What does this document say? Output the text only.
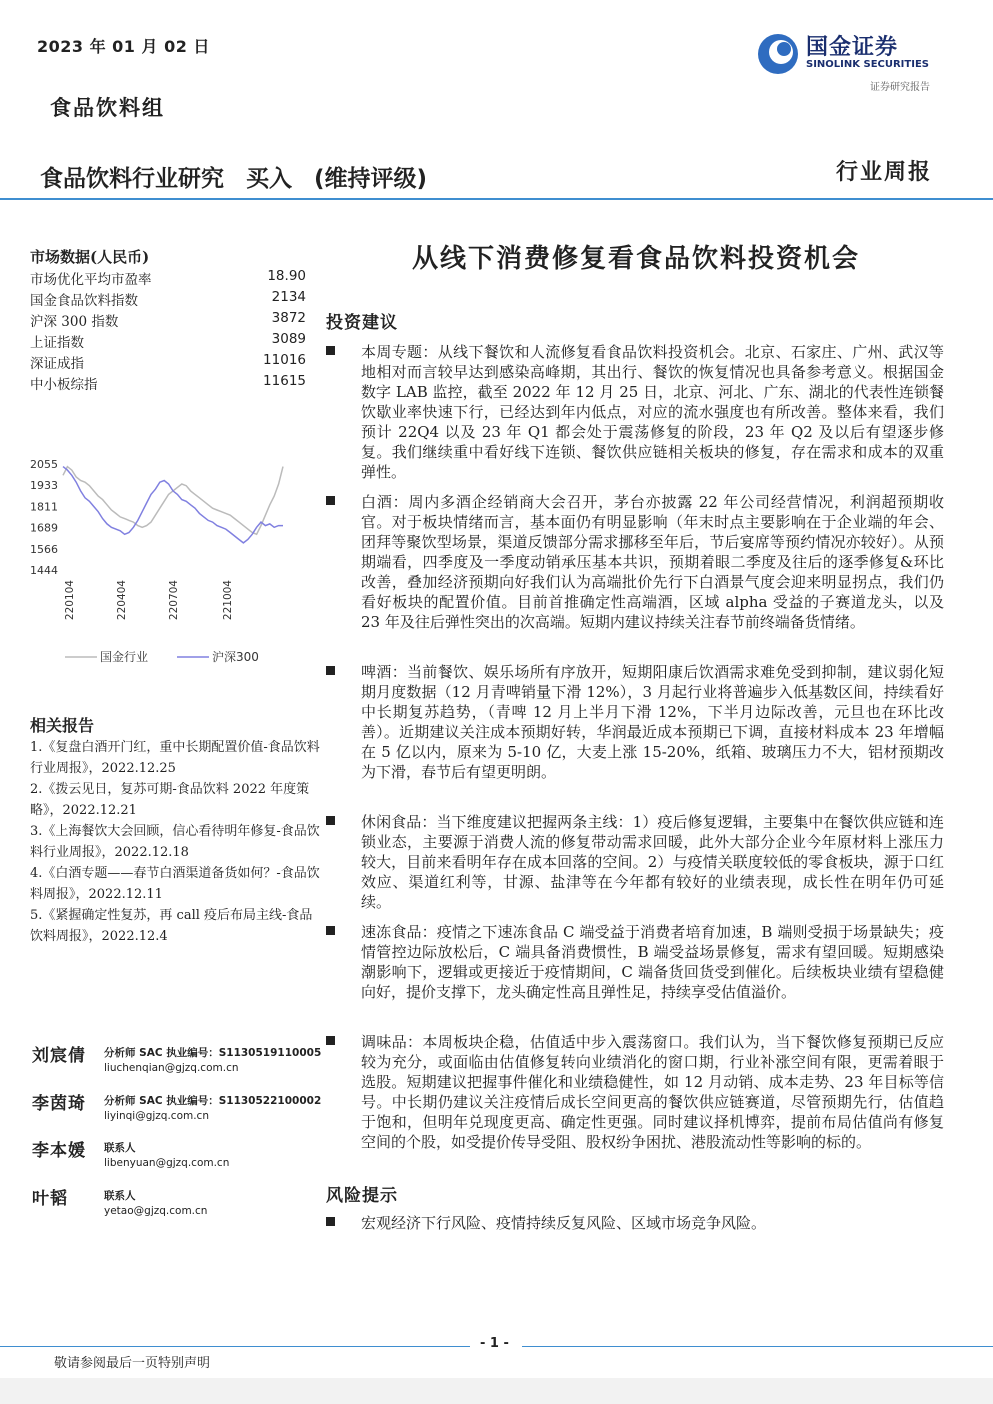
2023 年 01 月 02 日	国金证券
SINOLINK SECURITIES
证券研究报告
食品饮料组
食品饮料行业研究 买入 (维持评级)	行业周报
市场数据(人民币)
市场优化平均市盈率	18.90
国金食品饮料指数	2134
沪深 300 指数	3872
上证指数	3089
深证成指	11016
中小板综指	11615
2055
1933
1811
1689
1566
1444
220104	220404	220704	221004
国金行业	沪深300
相关报告
1.《复盘白酒开门红，重中长期配置价值-食品饮料行业周报》，2022.12.25
2.《拨云见日，复苏可期-食品饮料 2022 年度策略》，2022.12.21
3.《上海餐饮大会回顾，信心看待明年修复-食品饮料行业周报》，2022.12.18
4.《白酒专题——春节白酒渠道备货如何？-食品饮料周报》，2022.12.11
5.《紧握确定性复苏，再 call 疫后布局主线-食品饮料周报》，2022.12.4
刘宸倩 分析师 SAC 执业编号：S1130519110005
liuchenqian@gjzq.com.cn
李茵琦 分析师 SAC 执业编号：S1130522100002
liyinqi@gjzq.com.cn
李本媛 联系人
libenyuan@gjzq.com.cn
叶韬	联系人
yetao@gjzq.com.cn
从线下消费修复看食品饮料投资机会
投资建议
本周专题：从线下餐饮和人流修复看食品饮料投资机会。北京、石家庄、广州、武汉等地相对而言较早达到感染高峰期，其出行、餐饮的恢复情况也具备参考意义。根据国金数字 LAB 监控，截至 2022 年 12 月 25 日，北京、河北、广东、湖北的代表性连锁餐饮歇业率快速下行，已经达到年内低点，对应的流水强度也有所改善。整体来看，我们预计 22Q4 以及 23 年 Q1 都会处于震荡修复的阶段，23 年 Q2 及以后有望逐步修复。我们继续重中看好线下连锁、餐饮供应链相关板块的修复，存在需求和成本的双重弹性。
白酒：周内多酒企经销商大会召开，茅台亦披露 22 年公司经营情况，利润超预期收官。对于板块情绪而言，基本面仍有明显影响（年末时点主要影响在于企业端的年会、团拜等聚饮型场景，渠道反馈部分需求挪移至年后，节后宴席等预约情况亦较好）。从预期端看，四季度及一季度动销承压基本共识，预期着眼二季度及往后的逐季修复&环比改善，叠加经济预期向好我们认为高端批价先行下白酒景气度会迎来明显拐点，我们仍看好板块的配置价值。目前首推确定性高端酒，区域 alpha 受益的子赛道龙头，以及 23 年及往后弹性突出的次高端。短期内建议持续关注春节前终端备货情绪。
啤酒：当前餐饮、娱乐场所有序放开，短期阳康后饮酒需求难免受到抑制，建议弱化短期月度数据（12 月青啤销量下滑 12%），3 月起行业将普遍步入低基数区间，持续看好中长期复苏趋势，（青啤 12 月上半月下滑 12%，下半月边际改善，元旦也在环比改善）。近期建议关注成本预期好转，华润最近成本预期已下调，直接材料成本 23 年增幅在 5 亿以内，原来为 5-10 亿，大麦上涨 15-20%，纸箱、玻璃压力不大，铝材预期改为下滑，春节后有望更明朗。
休闲食品：当下维度建议把握两条主线：1）疫后修复逻辑，主要集中在餐饮供应链和连锁业态，主要源于消费人流的修复带动需求回暖，此外大部分企业今年原材料上涨压力较大，目前来看明年存在成本回落的空间。2）与疫情关联度较低的零食板块，源于口红效应、渠道红利等，甘源、盐津等在今年都有较好的业绩表现，成长性在明年仍可延续。
速冻食品：疫情之下速冻食品 C 端受益于消费者培育加速，B 端则受损于场景缺失；疫情管控边际放松后，C 端具备消费惯性，B 端受益场景修复，需求有望回暖。短期感染潮影响下，逻辑或更接近于疫情期间，C 端备货回货受到催化。后续板块业绩有望稳健向好，提价支撑下，龙头确定性高且弹性足，持续享受估值溢价。
调味品：本周板块企稳，估值适中步入震荡窗口。我们认为，当下餐饮修复预期已反应较为充分，或面临由估值修复转向业绩消化的窗口期，行业补涨空间有限，更需着眼于选股。短期建议把握事件催化和业绩稳健性，如 12 月动销、成本走势、23 年目标等信号。中长期仍建议关注疫情后成长空间更高的餐饮供应链赛道，尽管预期先行，估值趋于饱和，但明年兑现度更高、确定性更强。同时建议择机博弈，提前布局估值尚有修复空间的个股，如受提价传导受阻、股权纷争困扰、港股流动性等影响的标的。
风险提示
宏观经济下行风险、疫情持续反复风险、区域市场竞争风险。
- 1 -
敬请参阅最后一页特别声明
